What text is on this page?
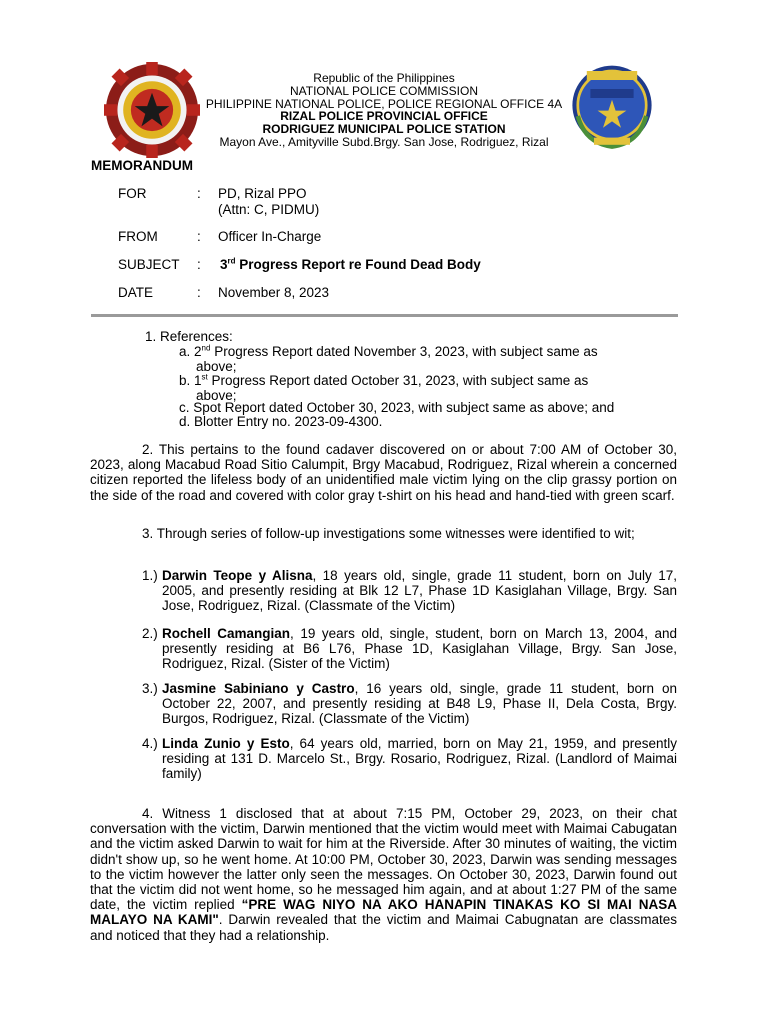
Republic of the Philippines
NATIONAL POLICE COMMISSION
PHILIPPINE NATIONAL POLICE, POLICE REGIONAL OFFICE 4A
RIZAL POLICE PROVINCIAL OFFICE
RODRIGUEZ MUNICIPAL POLICE STATION
Mayon Ave., Amityville Subd.Brgy. San Jose, Rodriguez, Rizal
MEMORANDUM
FOR	: PD, Rizal PPO
(Attn: C, PIDMU)
FROM	: Officer In-Charge
SUBJECT : 3rd Progress Report re Found Dead Body
DATE	: November 8, 2023
1. References:
a. 2nd Progress Report dated November 3, 2023, with subject same as
above;
b. 1st Progress Report dated October 31, 2023, with subject same as
above;
c. Spot Report dated October 30, 2023, with subject same as above; and
d. Blotter Entry no. 2023-09-4300.
2. This pertains to the found cadaver discovered on or about 7:00 AM of October 30, 2023, along Macabud Road Sitio Calumpit, Brgy Macabud, Rodriguez, Rizal wherein a concerned citizen reported the lifeless body of an unidentified male victim lying on the clip grassy portion on the side of the road and covered with color gray t-shirt on his head and hand-tied with green scarf.
3. Through series of follow-up investigations some witnesses were identified to wit;
1.) Darwin Teope y Alisna, 18 years old, single, grade 11 student, born on July 17, 2005, and presently residing at Blk 12 L7, Phase 1D Kasiglahan Village, Brgy. San Jose, Rodriguez, Rizal. (Classmate of the Victim)
2.) Rochell Camangian, 19 years old, single, student, born on March 13, 2004, and presently residing at B6 L76, Phase 1D, Kasiglahan Village, Brgy. San Jose, Rodriguez, Rizal. (Sister of the Victim)
3.) Jasmine Sabiniano y Castro, 16 years old, single, grade 11 student, born on October 22, 2007, and presently residing at B48 L9, Phase II, Dela Costa, Brgy. Burgos, Rodriguez, Rizal. (Classmate of the Victim)
4.) Linda Zunio y Esto, 64 years old, married, born on May 21, 1959, and presently residing at 131 D. Marcelo St., Brgy. Rosario, Rodriguez, Rizal. (Landlord of Maimai family)
4. Witness 1 disclosed that at about 7:15 PM, October 29, 2023, on their chat conversation with the victim, Darwin mentioned that the victim would meet with Maimai Cabugatan and the victim asked Darwin to wait for him at the Riverside. After 30 minutes of waiting, the victim didn't show up, so he went home. At 10:00 PM, October 30, 2023, Darwin was sending messages to the victim however the latter only seen the messages. On October 30, 2023, Darwin found out that the victim did not went home, so he messaged him again, and at about 1:27 PM of the same date, the victim replied “PRE WAG NIYO NA AKO HANAPIN TINAKAS KO SI MAI NASA MALAYO NA KAMI". Darwin revealed that the victim and Maimai Cabugnatan are classmates and noticed that they had a relationship.
